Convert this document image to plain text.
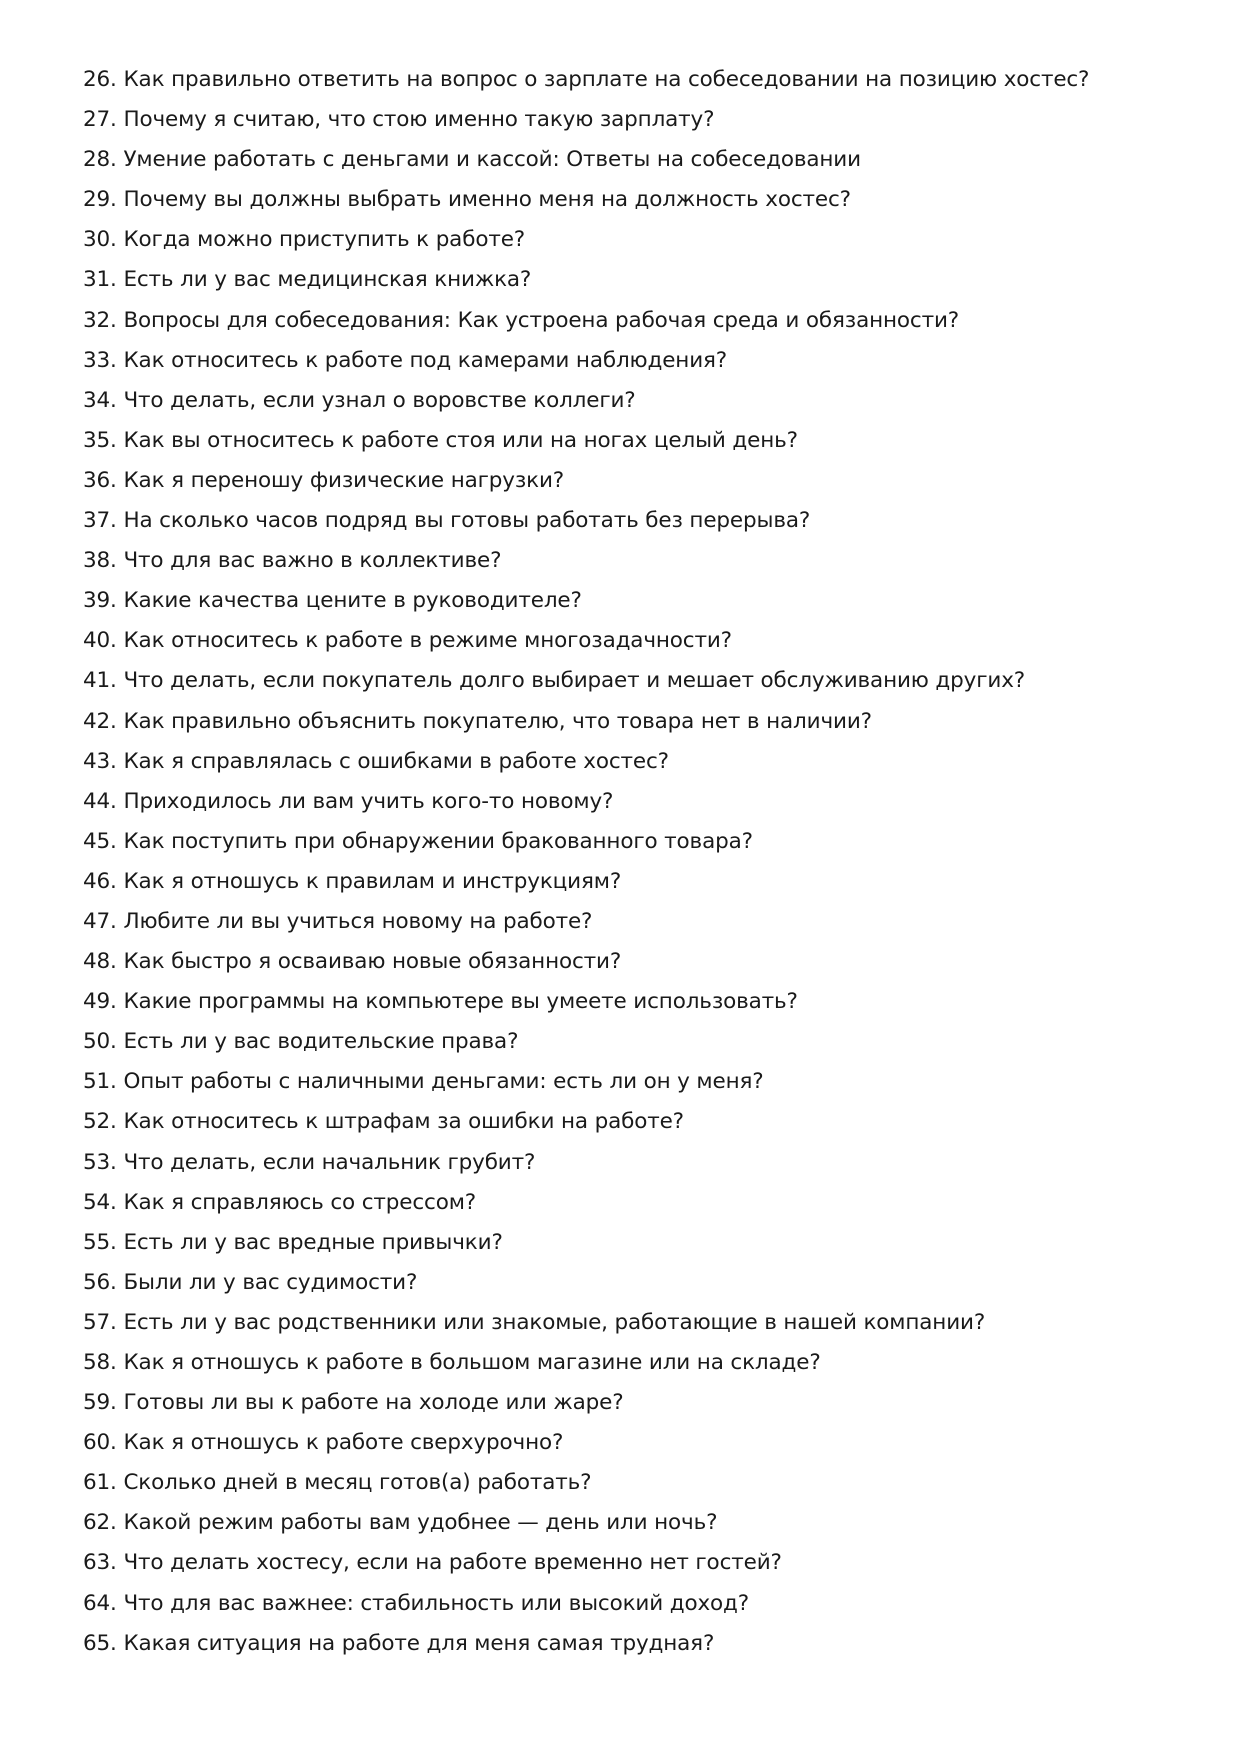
26. Как правильно ответить на вопрос о зарплате на собеседовании на позицию хостес?
27. Почему я считаю, что стою именно такую зарплату?
28. Умение работать с деньгами и кассой: Ответы на собеседовании
29. Почему вы должны выбрать именно меня на должность хостес?
30. Когда можно приступить к работе?
31. Есть ли у вас медицинская книжка?
32. Вопросы для собеседования: Как устроена рабочая среда и обязанности?
33. Как относитесь к работе под камерами наблюдения?
34. Что делать, если узнал о воровстве коллеги?
35. Как вы относитесь к работе стоя или на ногах целый день?
36. Как я переношу физические нагрузки?
37. На сколько часов подряд вы готовы работать без перерыва?
38. Что для вас важно в коллективе?
39. Какие качества цените в руководителе?
40. Как относитесь к работе в режиме многозадачности?
41. Что делать, если покупатель долго выбирает и мешает обслуживанию других?
42. Как правильно объяснить покупателю, что товара нет в наличии?
43. Как я справлялась с ошибками в работе хостес?
44. Приходилось ли вам учить кого-то новому?
45. Как поступить при обнаружении бракованного товара?
46. Как я отношусь к правилам и инструкциям?
47. Любите ли вы учиться новому на работе?
48. Как быстро я осваиваю новые обязанности?
49. Какие программы на компьютере вы умеете использовать?
50. Есть ли у вас водительские права?
51. Опыт работы с наличными деньгами: есть ли он у меня?
52. Как относитесь к штрафам за ошибки на работе?
53. Что делать, если начальник грубит?
54. Как я справляюсь со стрессом?
55. Есть ли у вас вредные привычки?
56. Были ли у вас судимости?
57. Есть ли у вас родственники или знакомые, работающие в нашей компании?
58. Как я отношусь к работе в большом магазине или на складе?
59. Готовы ли вы к работе на холоде или жаре?
60. Как я отношусь к работе сверхурочно?
61. Сколько дней в месяц готов(а) работать?
62. Какой режим работы вам удобнее — день или ночь?
63. Что делать хостесу, если на работе временно нет гостей?
64. Что для вас важнее: стабильность или высокий доход?
65. Какая ситуация на работе для меня самая трудная?
